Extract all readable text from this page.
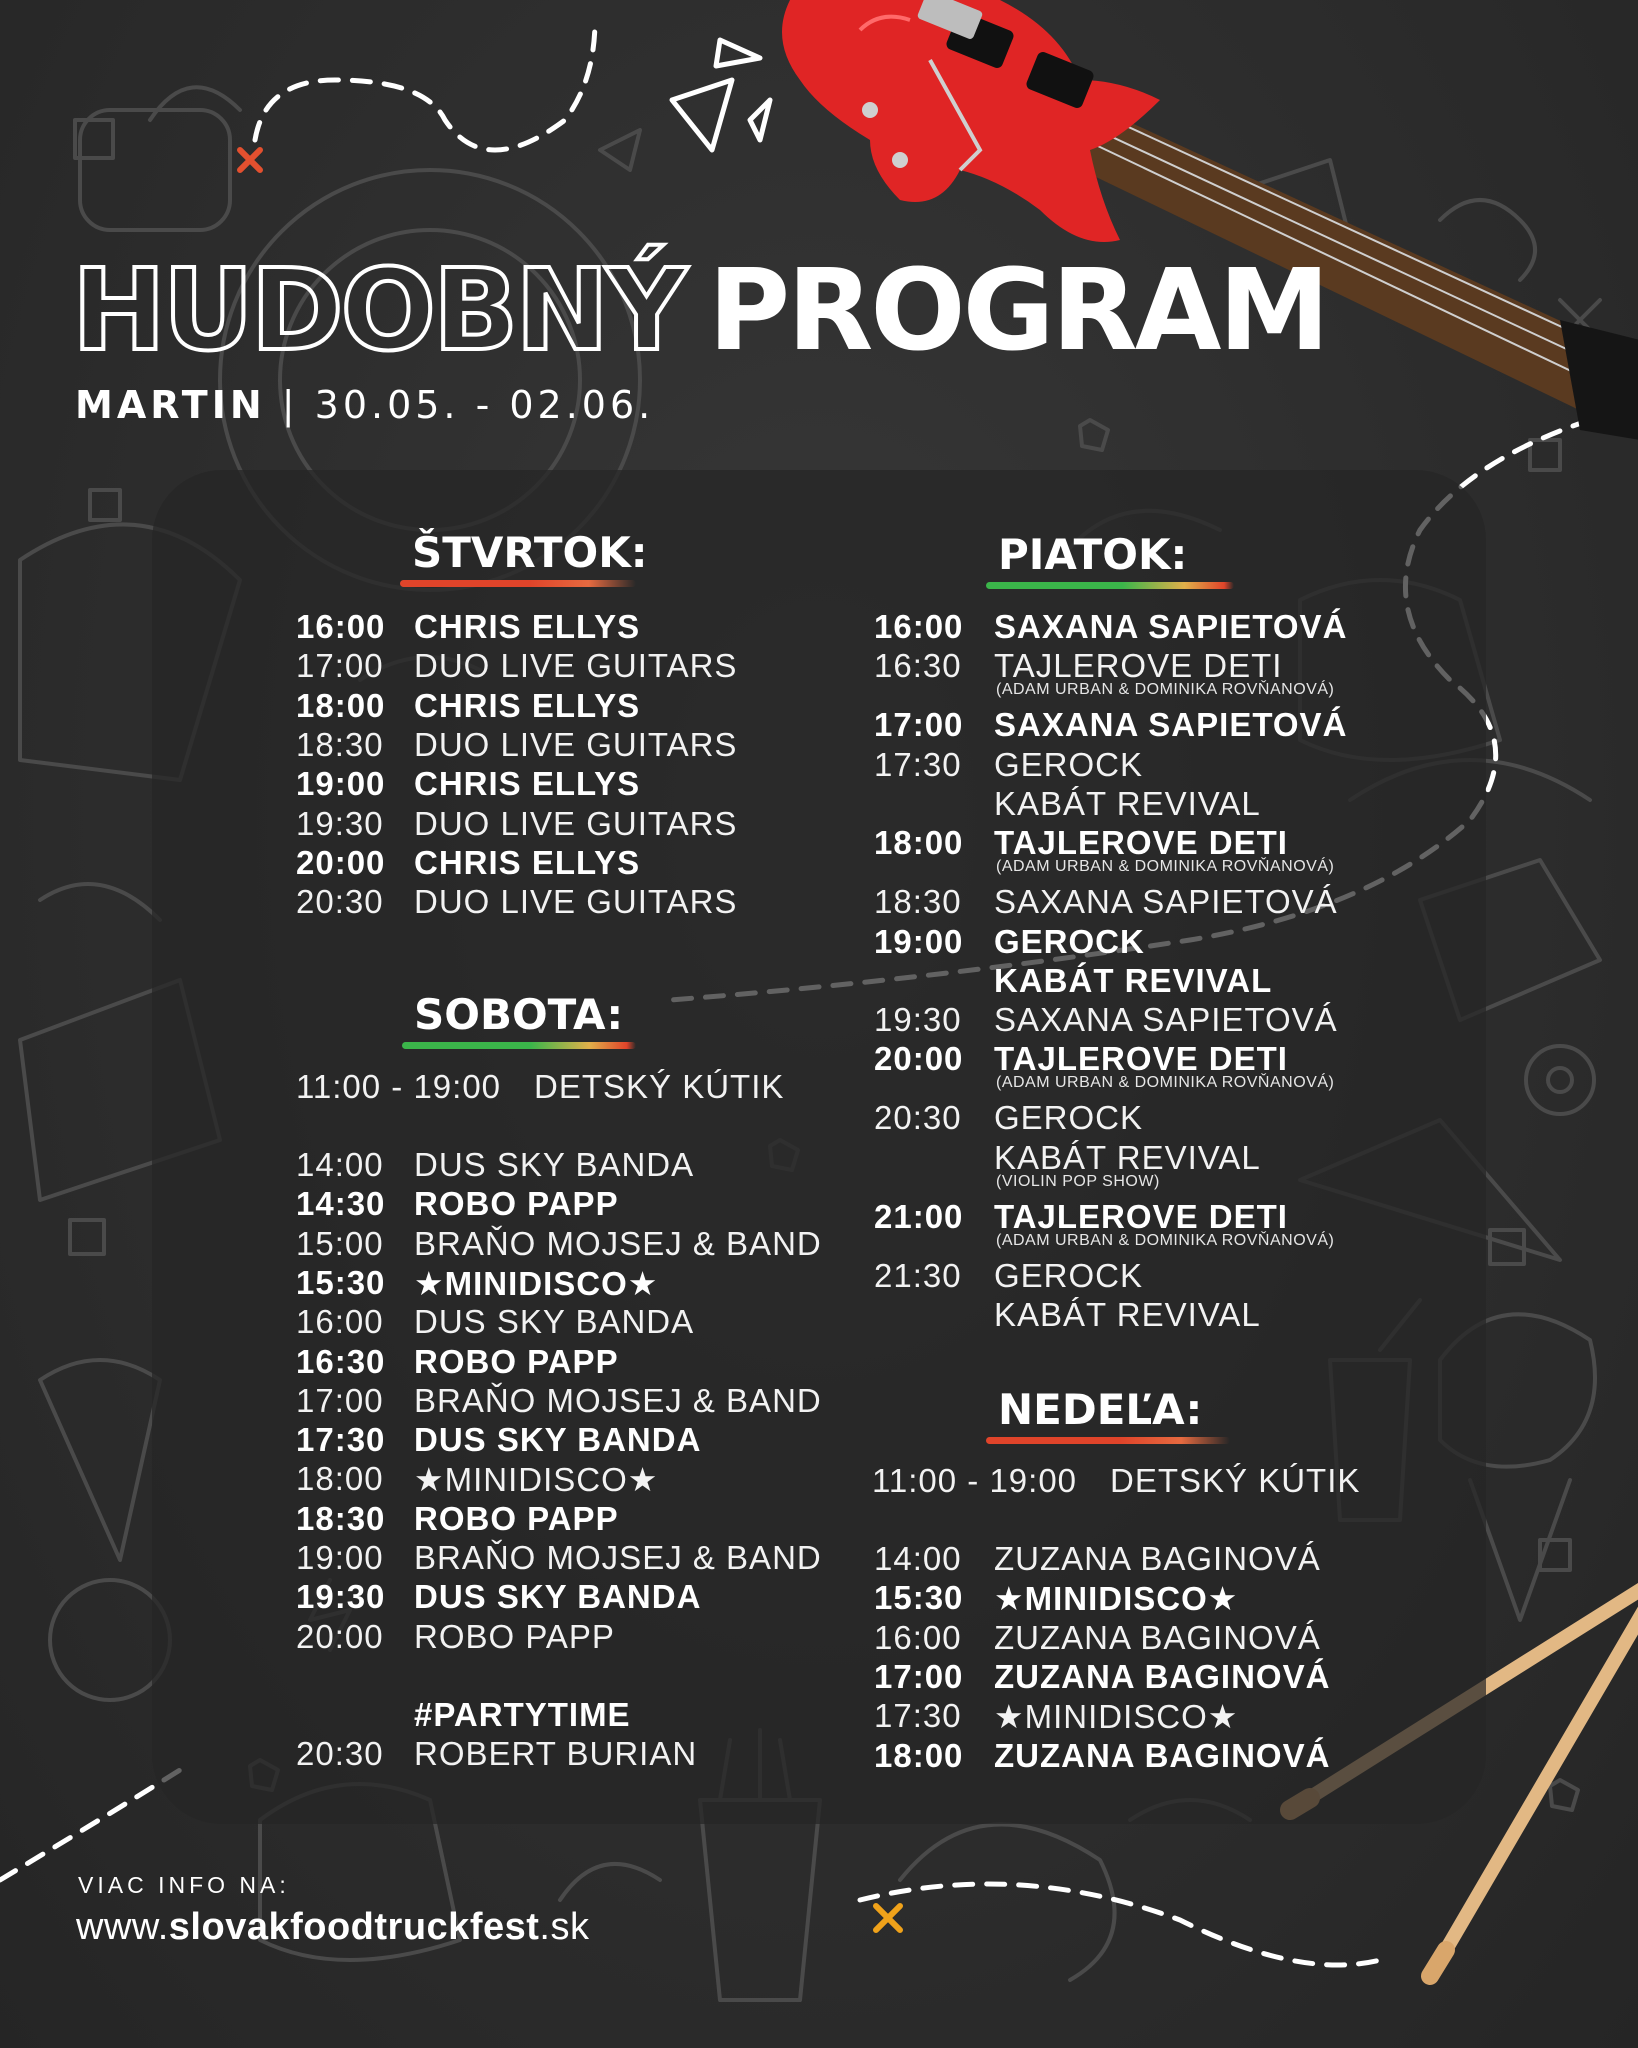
HUDOBNÝ PROGRAM
MARTIN | 30.05. - 02.06.
ŠTVRTOK:
16:00 CHRIS ELLYS
17:00 DUO LIVE GUITARS
18:00 CHRIS ELLYS
18:30 DUO LIVE GUITARS
19:00 CHRIS ELLYS
19:30 DUO LIVE GUITARS
20:00 CHRIS ELLYS
20:30 DUO LIVE GUITARS
SOBOTA:
11:00 - 19:00 DETSKÝ KÚTIK
14:00 DUS SKY BANDA
14:30 ROBO PAPP
15:00 BRAŇO MOJSEJ & BAND
15:30 ★MINIDISCO★
16:00 DUS SKY BANDA
16:30 ROBO PAPP
17:00 BRAŇO MOJSEJ & BAND
17:30 DUS SKY BANDA
18:00 ★MINIDISCO★
18:30 ROBO PAPP
19:00 BRAŇO MOJSEJ & BAND
19:30 DUS SKY BANDA
20:00 ROBO PAPP
#PARTYTIME
20:30 ROBERT BURIAN
PIATOK:
16:00 SAXANA SAPIETOVÁ
16:30 TAJLEROVE DETI
(ADAM URBAN & DOMINIKA ROVŇANOVÁ)
17:00 SAXANA SAPIETOVÁ
17:30 GEROCK
KABÁT REVIVAL
18:00 TAJLEROVE DETI
(ADAM URBAN & DOMINIKA ROVŇANOVÁ)
18:30 SAXANA SAPIETOVÁ
19:00 GEROCK
KABÁT REVIVAL
19:30 SAXANA SAPIETOVÁ
20:00 TAJLEROVE DETI
(ADAM URBAN & DOMINIKA ROVŇANOVÁ)
20:30 GEROCK
KABÁT REVIVAL
(VIOLIN POP SHOW)
21:00 TAJLEROVE DETI
(ADAM URBAN & DOMINIKA ROVŇANOVÁ)
21:30 GEROCK
KABÁT REVIVAL
NEDEĽA:
11:00 - 19:00 DETSKÝ KÚTIK
14:00 ZUZANA BAGINOVÁ
15:30 ★MINIDISCO★
16:00 ZUZANA BAGINOVÁ
17:00 ZUZANA BAGINOVÁ
17:30 ★MINIDISCO★
18:00 ZUZANA BAGINOVÁ
VIAC INFO NA:
www.slovakfoodtruckfest.sk
